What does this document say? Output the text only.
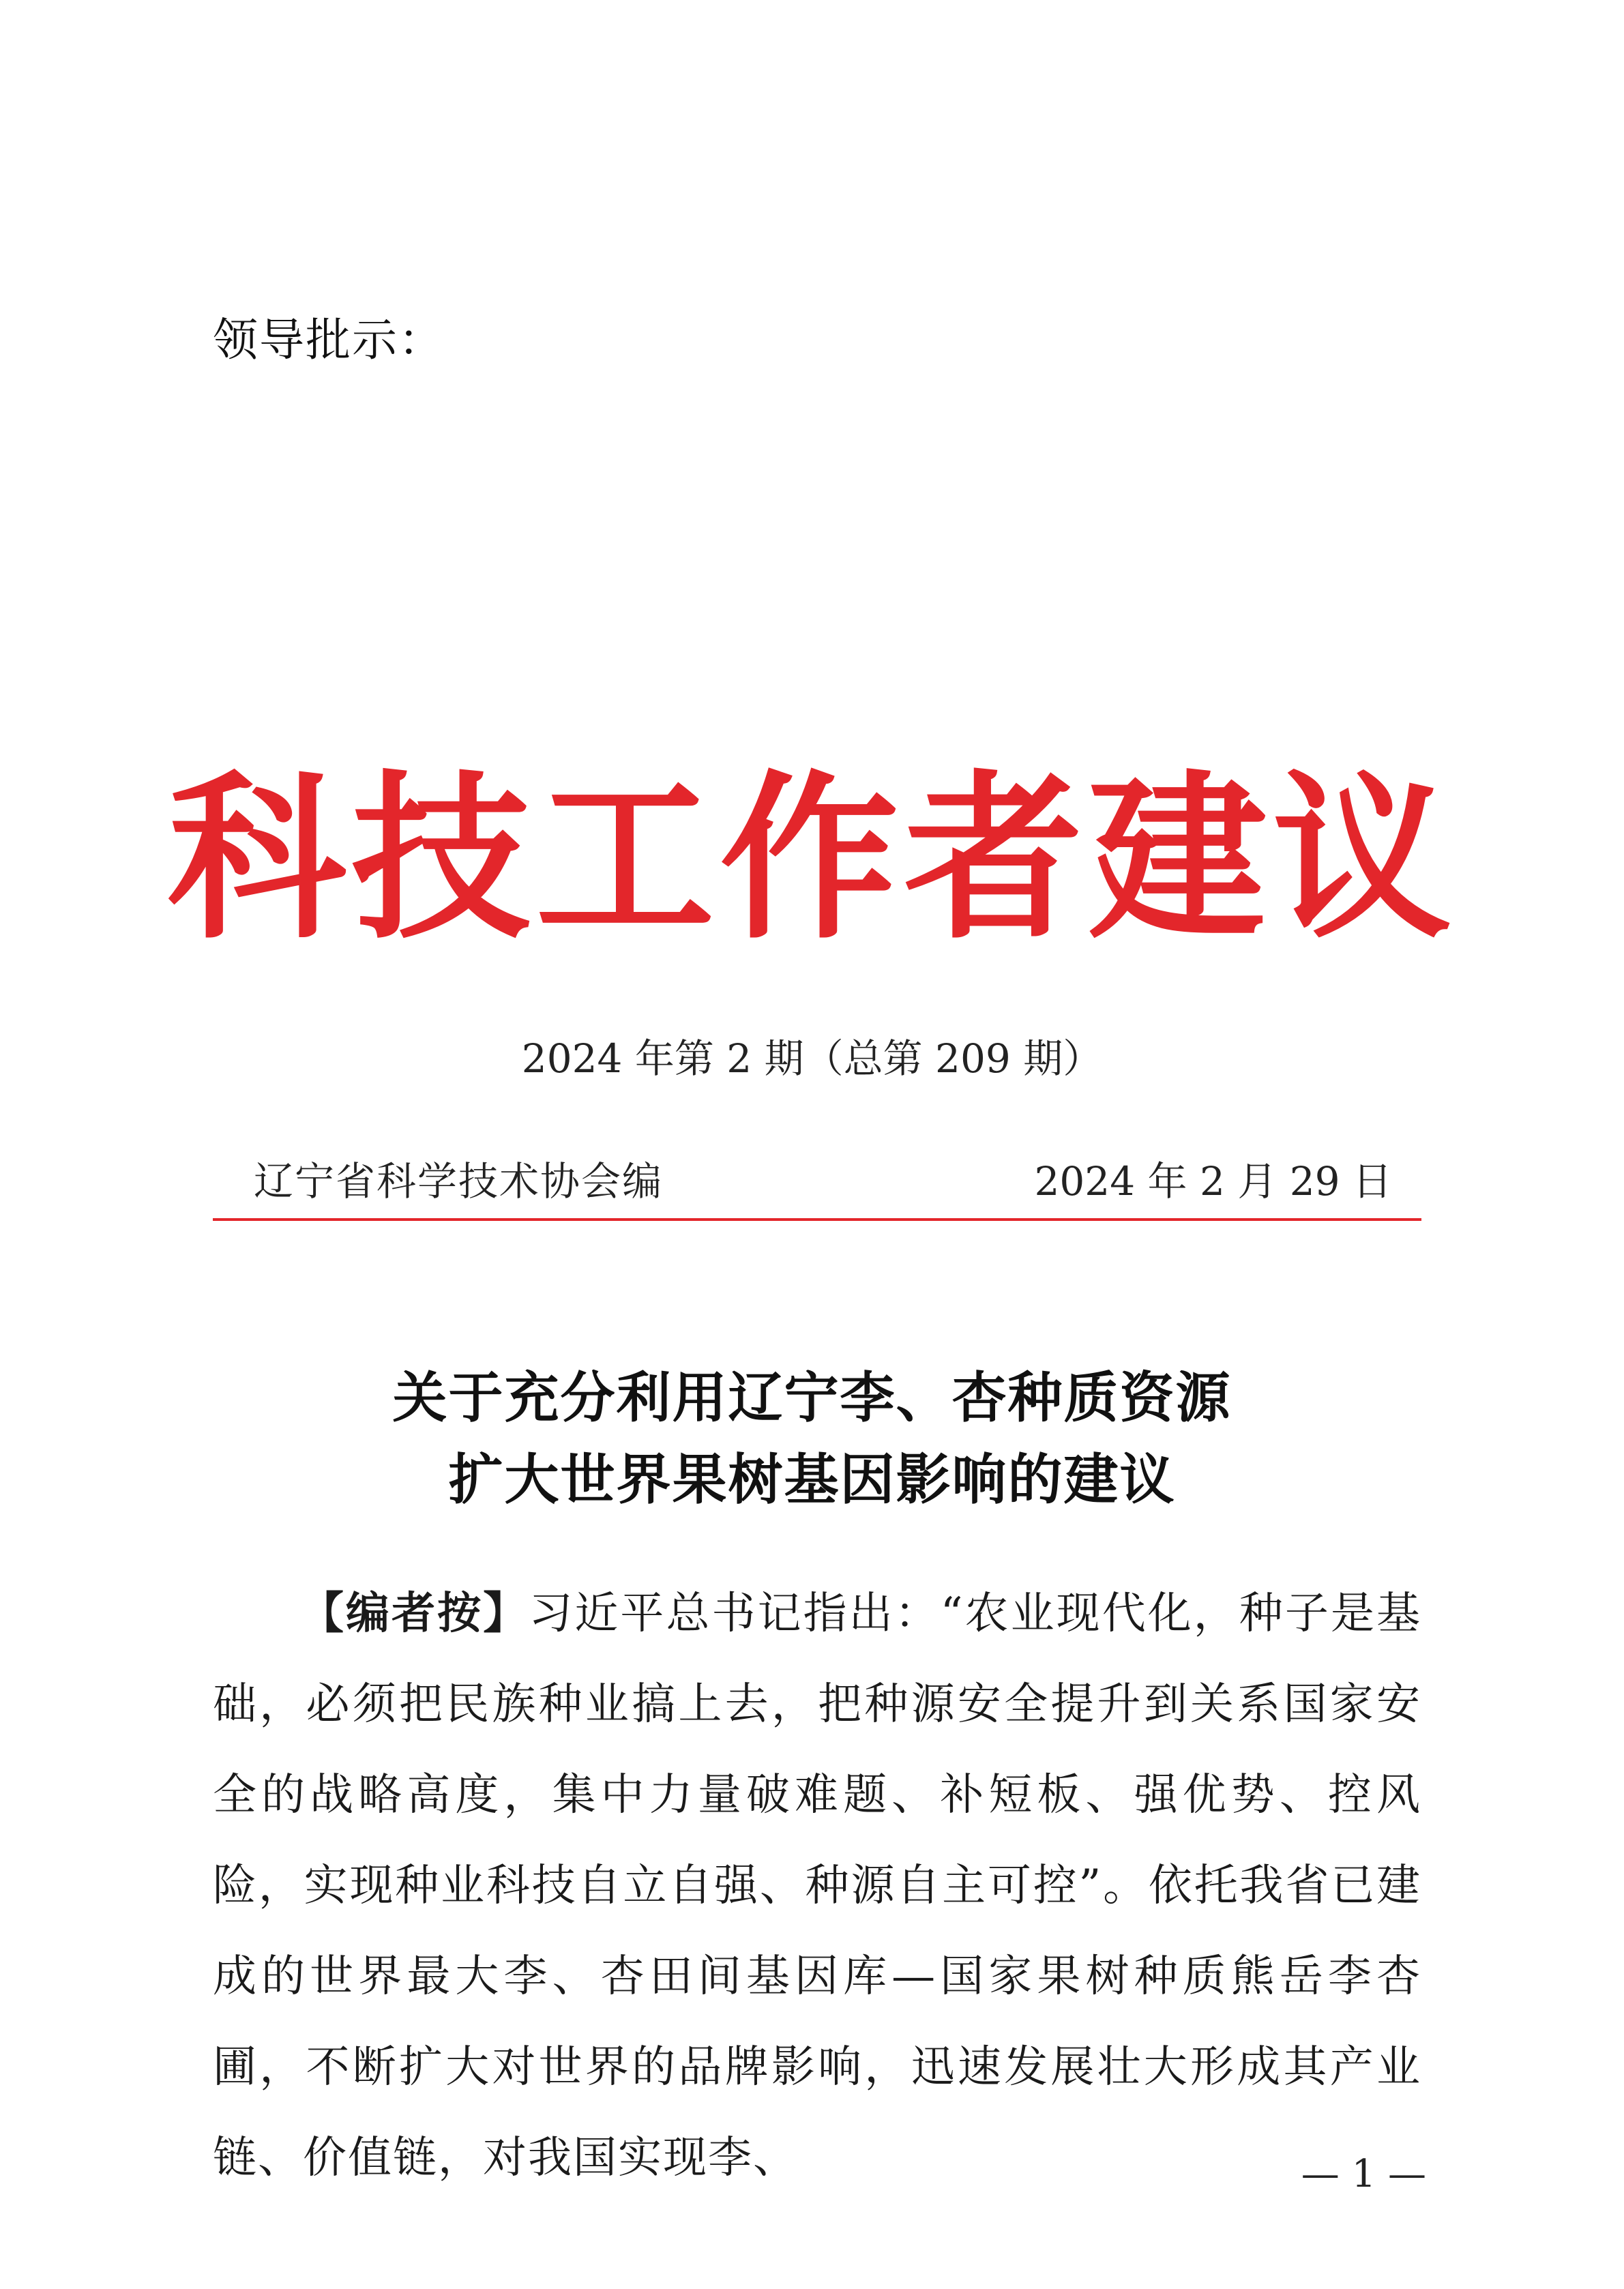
领导批示：
科技工作者建议
2024 年第 2 期（总第 209 期）
辽宁省科学技术协会编	2024 年 2 月 29 日
关于充分利用辽宁李、杏种质资源
扩大世界果树基因影响的建议
【编者按】习近平总书记指出：“农业现代化，种子是基础，必须把民族种业搞上去，把种源安全提升到关系国家安全的战略高度，集中力量破难题、补短板、强优势、控风险，实现种业科技自立自强、种源自主可控”。依托我省已建成的世界最大李、杏田间基因库—国家果树种质熊岳李杏圃，不断扩大对世界的品牌影响，迅速发展壮大形成其产业链、价值链，对我国实现李、	— 1 —
